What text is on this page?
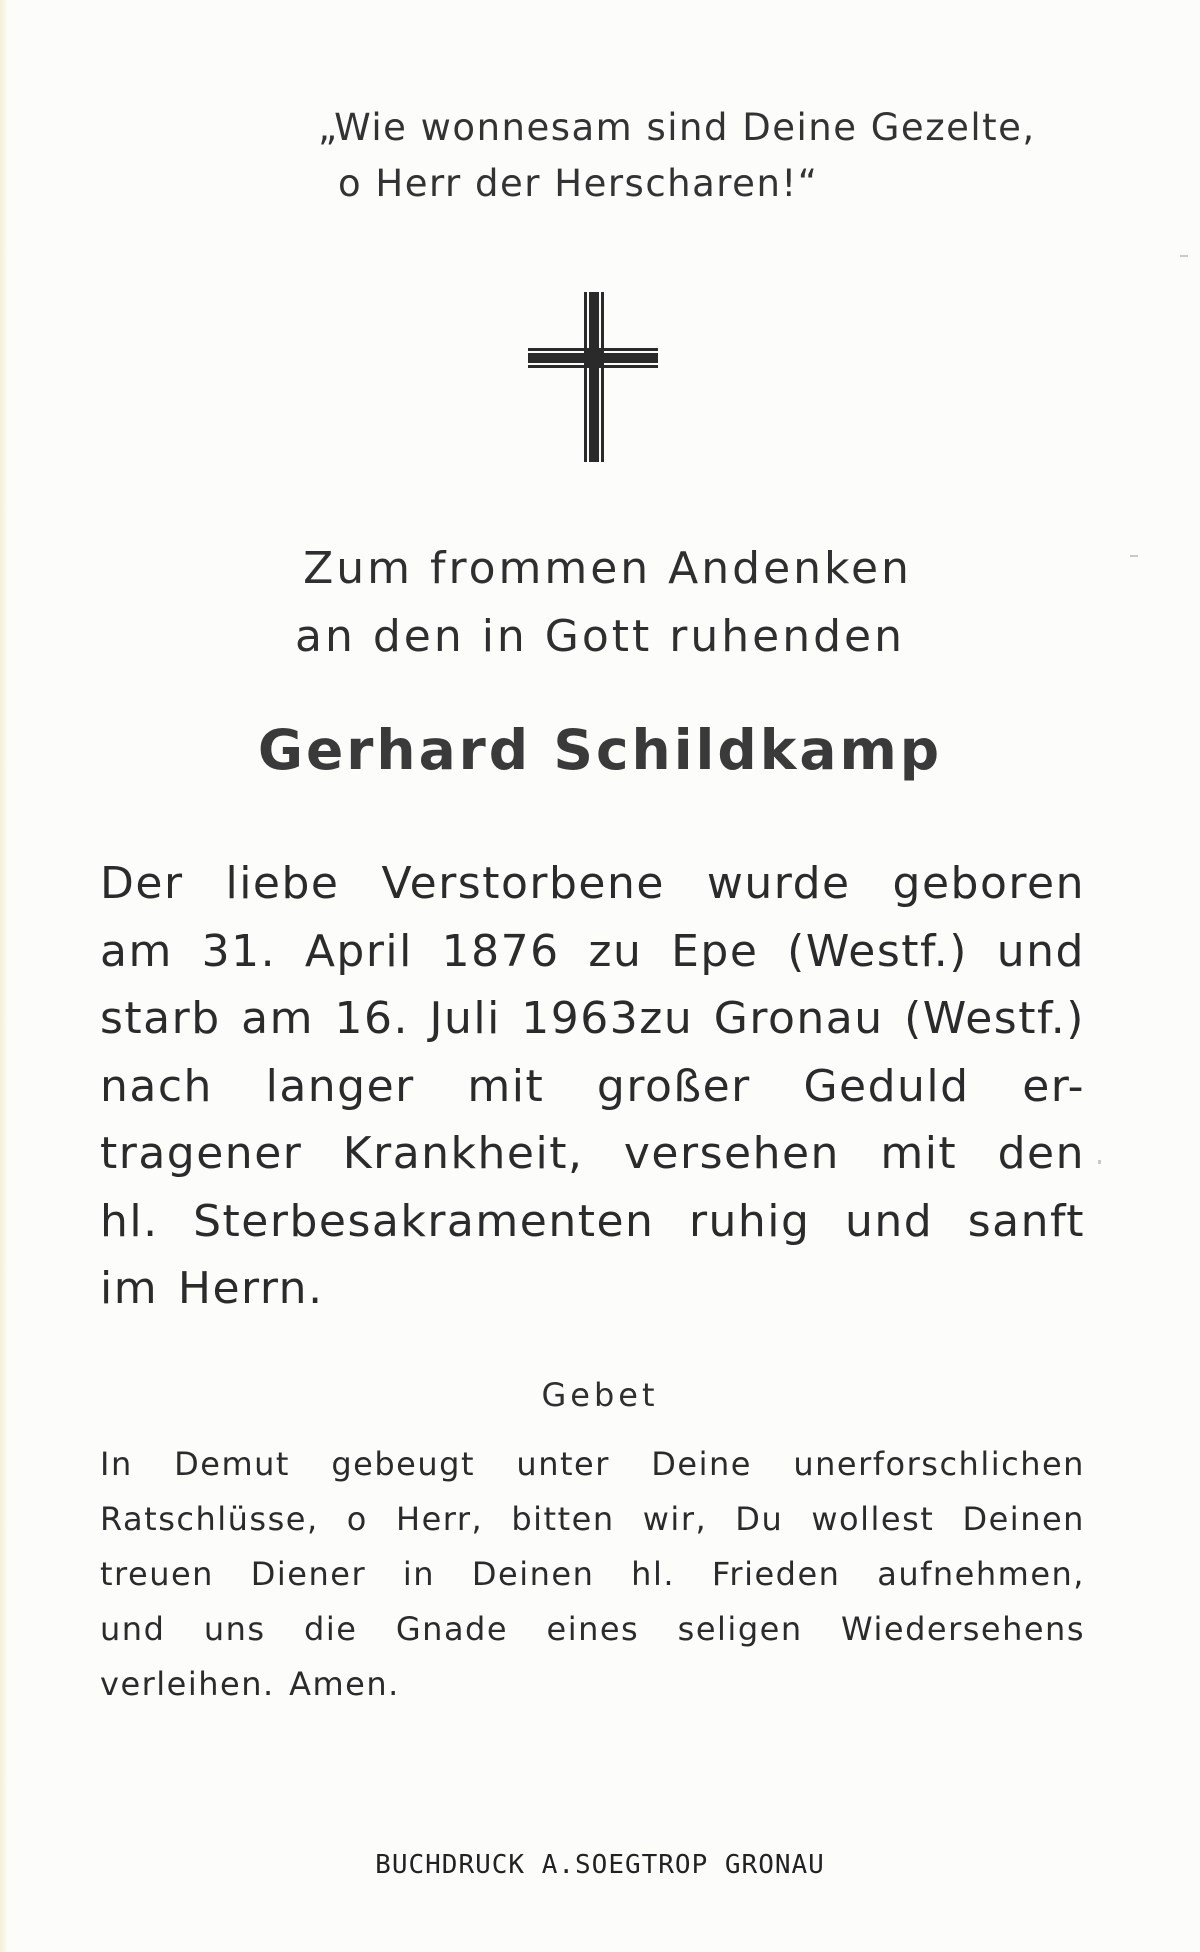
„Wie wonnesam sind Deine Gezelte,
o Herr der Herscharen!“
Zum frommen Andenken
an den in Gott ruhenden
Gerhard Schildkamp
Der liebe Verstorbene wurde geboren
am 31. April 1876 zu Epe (Westf.) und
starb am 16. Juli 1963zu Gronau (Westf.)
nach langer mit großer Geduld er-
tragener Krankheit, versehen mit den
hl. Sterbesakramenten ruhig und sanft
im Herrn.
Gebet
In Demut gebeugt unter Deine unerforschlichen
Ratschlüsse, o Herr, bitten wir, Du wollest Deinen
treuen Diener in Deinen hl. Frieden aufnehmen,
und uns die Gnade eines seligen Wiedersehens
verleihen. Amen.
BUCHDRUCK A.SOEGTROP GRONAU
